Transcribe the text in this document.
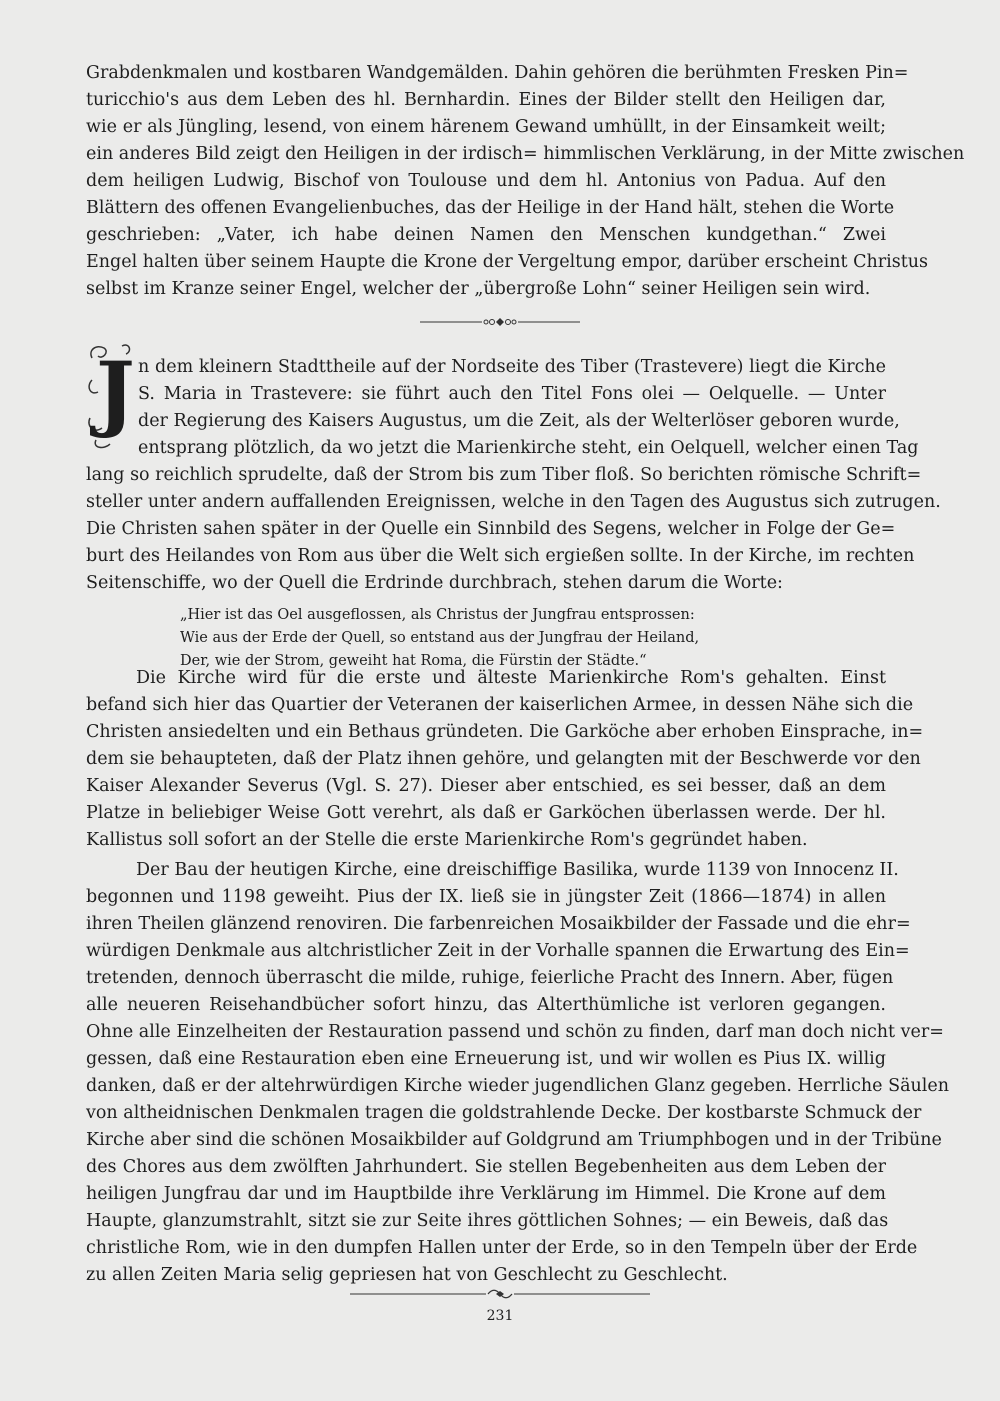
Grabdenkmalen und kostbaren Wandgemälden. Dahin gehören die berühmten Fresken Pin=
turicchio's aus dem Leben des hl. Bernhardin. Eines der Bilder stellt den Heiligen dar,
wie er als Jüngling, lesend, von einem härenem Gewand umhüllt, in der Einsamkeit weilt;
ein anderes Bild zeigt den Heiligen in der irdisch= himmlischen Verklärung, in der Mitte zwischen
dem heiligen Ludwig, Bischof von Toulouse und dem hl. Antonius von Padua. Auf den
Blättern des offenen Evangelienbuches, das der Heilige in der Hand hält, stehen die Worte
geschrieben: „Vater, ich habe deinen Namen den Menschen kundgethan.“ Zwei
Engel halten über seinem Haupte die Krone der Vergeltung empor, darüber erscheint Christus
selbst im Kranze seiner Engel, welcher der „übergroße Lohn“ seiner Heiligen sein wird.
J n dem kleinern Stadttheile auf der Nordseite des Tiber (Trastevere) liegt die Kirche
S. Maria in Trastevere: sie führt auch den Titel Fons olei — Oelquelle. — Unter
der Regierung des Kaisers Augustus, um die Zeit, als der Welterlöser geboren wurde,
entsprang plötzlich, da wo jetzt die Marienkirche steht, ein Oelquell, welcher einen Tag
lang so reichlich sprudelte, daß der Strom bis zum Tiber floß. So berichten römische Schrift=
steller unter andern auffallenden Ereignissen, welche in den Tagen des Augustus sich zutrugen.
Die Christen sahen später in der Quelle ein Sinnbild des Segens, welcher in Folge der Ge=
burt des Heilandes von Rom aus über die Welt sich ergießen sollte. In der Kirche, im rechten
Seitenschiffe, wo der Quell die Erdrinde durchbrach, stehen darum die Worte:
„Hier ist das Oel ausgeflossen, als Christus der Jungfrau entsprossen:
Wie aus der Erde der Quell, so entstand aus der Jungfrau der Heiland,
Der, wie der Strom, geweiht hat Roma, die Fürstin der Städte.“
Die Kirche wird für die erste und älteste Marienkirche Rom's gehalten. Einst
befand sich hier das Quartier der Veteranen der kaiserlichen Armee, in dessen Nähe sich die
Christen ansiedelten und ein Bethaus gründeten. Die Garköche aber erhoben Einsprache, in=
dem sie behaupteten, daß der Platz ihnen gehöre, und gelangten mit der Beschwerde vor den
Kaiser Alexander Severus (Vgl. S. 27). Dieser aber entschied, es sei besser, daß an dem
Platze in beliebiger Weise Gott verehrt, als daß er Garköchen überlassen werde. Der hl.
Kallistus soll sofort an der Stelle die erste Marienkirche Rom's gegründet haben.
Der Bau der heutigen Kirche, eine dreischiffige Basilika, wurde 1139 von Innocenz II.
begonnen und 1198 geweiht. Pius der IX. ließ sie in jüngster Zeit (1866—1874) in allen
ihren Theilen glänzend renoviren. Die farbenreichen Mosaikbilder der Fassade und die ehr=
würdigen Denkmale aus altchristlicher Zeit in der Vorhalle spannen die Erwartung des Ein=
tretenden, dennoch überrascht die milde, ruhige, feierliche Pracht des Innern. Aber, fügen
alle neueren Reisehandbücher sofort hinzu, das Alterthümliche ist verloren gegangen.
Ohne alle Einzelheiten der Restauration passend und schön zu finden, darf man doch nicht ver=
gessen, daß eine Restauration eben eine Erneuerung ist, und wir wollen es Pius IX. willig
danken, daß er der altehrwürdigen Kirche wieder jugendlichen Glanz gegeben. Herrliche Säulen
von altheidnischen Denkmalen tragen die goldstrahlende Decke. Der kostbarste Schmuck der
Kirche aber sind die schönen Mosaikbilder auf Goldgrund am Triumphbogen und in der Tribüne
des Chores aus dem zwölften Jahrhundert. Sie stellen Begebenheiten aus dem Leben der
heiligen Jungfrau dar und im Hauptbilde ihre Verklärung im Himmel. Die Krone auf dem
Haupte, glanzumstrahlt, sitzt sie zur Seite ihres göttlichen Sohnes; — ein Beweis, daß das
christliche Rom, wie in den dumpfen Hallen unter der Erde, so in den Tempeln über der Erde
zu allen Zeiten Maria selig gepriesen hat von Geschlecht zu Geschlecht.
231
